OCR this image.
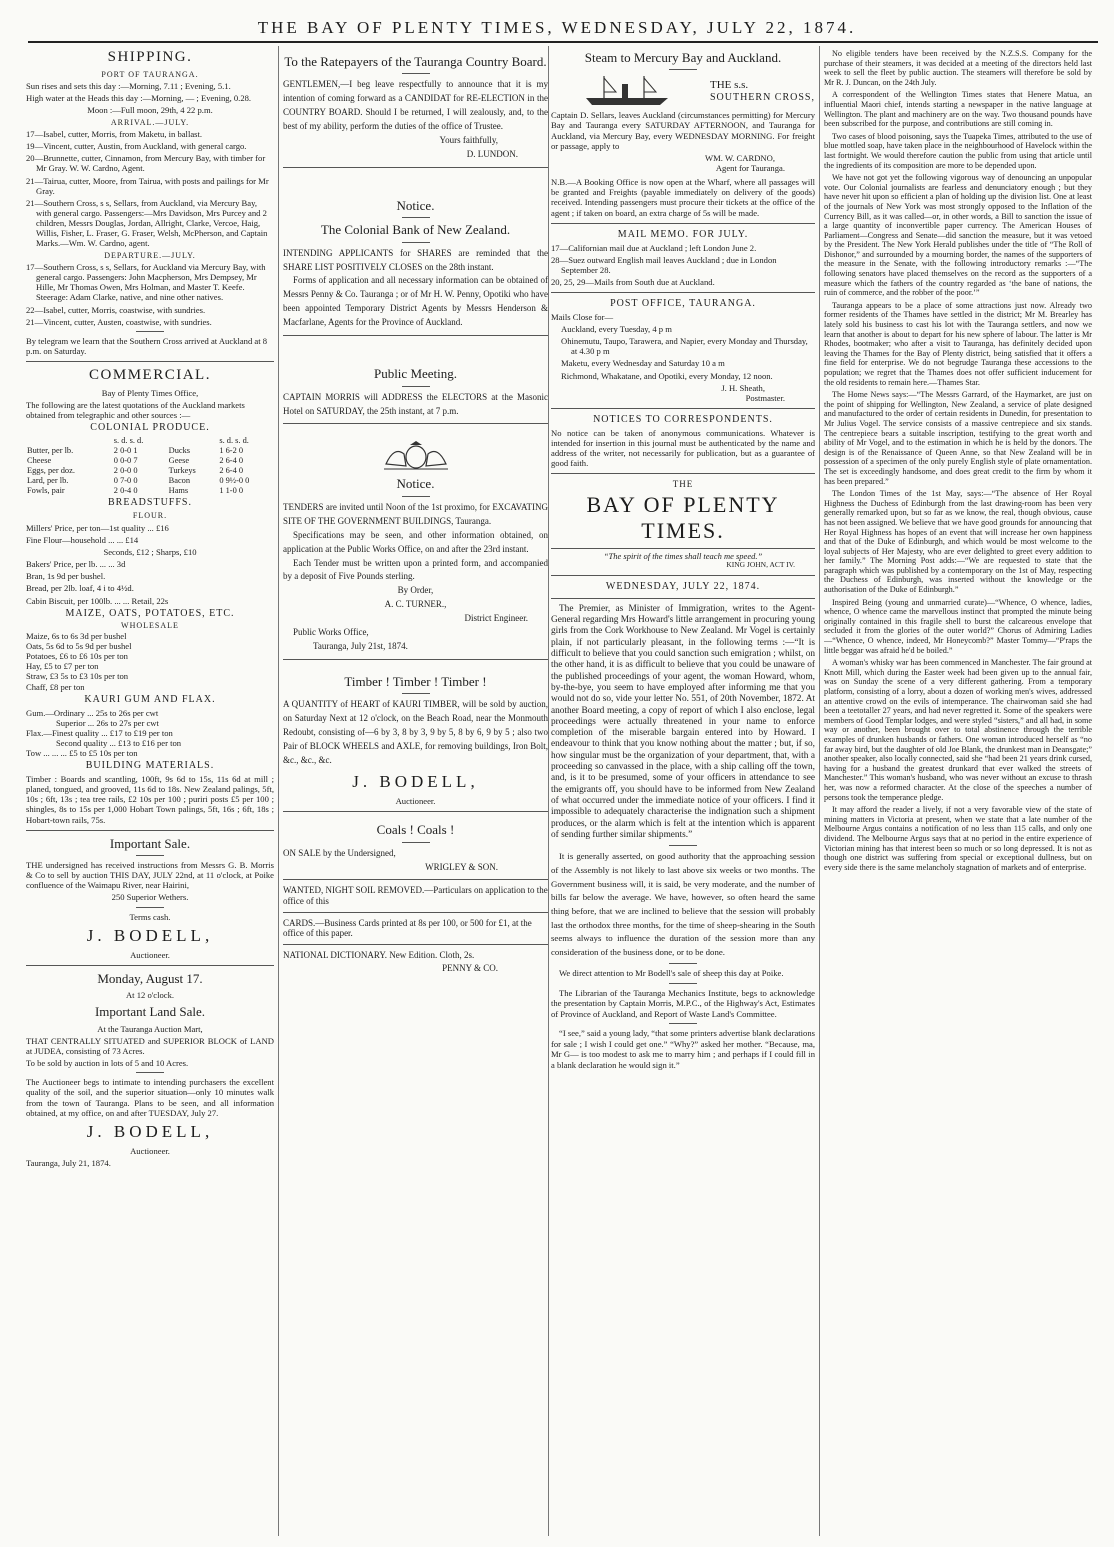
THE BAY OF PLENTY TIMES, WEDNESDAY, JULY 22, 1874.
SHIPPING.
PORT OF TAURANGA.
Sun rises and sets this day :—Morning, 7.11 ; Evening, 5.1.
High water at the Heads this day :—Morning, — ; Evening, 0.28.
Moon :—Full moon, 29th, 4 22 p.m.
ARRIVAL.—JULY.
17—Isabel, cutter, Morris, from Maketu, in ballast.
19—Vincent, cutter, Austin, from Auckland, with general cargo.
20—Brunnette, cutter, Cinnamon, from Mercury Bay, with timber for Mr Gray. W. W. Cardno, Agent.
21—Tairua, cutter, Moore, from Tairua, with posts and pailings for Mr Gray.
21—Southern Cross, s s, Sellars, from Auckland, via Mercury Bay, with general cargo. Passengers:—Mrs Davidson, Mrs Purcey and 2 children, Messrs Douglas, Jordan, Allright, Clarke, Vercoe, Haig, Willis, Fisher, L. Fraser, G. Fraser, Welsh, McPherson, and Captain Marks.—Wm. W. Cardno, agent.
DEPARTURE.—JULY.
17—Southern Cross, s s, Sellars, for Auckland via Mercury Bay, with general cargo. Passengers: John Macpherson, Mrs Dempsey, Mr Hille, Mr Thomas Owen, Mrs Holman, and Master T. Keefe. Steerage: Adam Clarke, native, and nine other natives.
22—Isabel, cutter, Morris, coastwise, with sundries.
21—Vincent, cutter, Austen, coastwise, with sundries.
By telegram we learn that the Southern Cross arrived at Auckland at 8 p.m. on Saturday.
COMMERCIAL.
Bay of Plenty Times Office,
The following are the latest quotations of the Auckland markets obtained from telegraphic and other sources :—
COLONIAL PRODUCE.
	s. d. s. d.		s. d. s. d.
Butter, per lb.	2 0-0 1	Ducks	1 6-2 0
Cheese	0 0-0 7	Geese	2 6-4 0
Eggs, per doz.	2 0-0 0	Turkeys	2 6-4 0
Lard, per lb.	0 7-0 0	Bacon	0 9½-0 0
Fowls, pair	2 0-4 0	Hams	1 1-0 0
BREADSTUFFS.
FLOUR.
Millers' Price, per ton—1st quality ... £16
Fine Flour—household ... ... £14
Seconds, £12 ; Sharps, £10
Bakers' Price, per lb. ... ... 3d
Bran, 1s 9d per bushel.
Bread, per 2lb. loaf, 4 i to 4½d.
Cabin Biscuit, per 100lb. ... ... Retail, 22s
MAIZE, OATS, POTATOES, ETC.
WHOLESALE
Maize, 6s to 6s 3d per bushel
Oats, 5s 6d to 5s 9d per bushel
Potatoes, £6 to £6 10s per ton
Hay, £5 to £7 per ton
Straw, £3 5s to £3 10s per ton
Chaff, £8 per ton
KAURI GUM AND FLAX.
Gum.—Ordinary ... 25s to 26s per cwt
Superior ... 26s to 27s per cwt
Flax.—Finest quality ... £17 to £19 per ton
Second quality ... £13 to £16 per ton
Tow ... ... ... £5 to £5 10s per ton
BUILDING MATERIALS.
Timber : Boards and scantling, 100ft, 9s 6d to 15s, 11s 6d at mill ; planed, tongued, and grooved, 11s 6d to 18s. New Zealand palings, 5ft, 10s ; 6ft, 13s ; tea tree rails, £2 10s per 100 ; puriri posts £5 per 100 ; shingles, 8s to 15s per 1,000 Hobart Town palings, 5ft, 16s ; 6ft, 18s ; Hobart-town rails, 75s.
Important Sale.
THE undersigned has received instructions from Messrs G. B. Morris & Co to sell by auction THIS DAY, JULY 22nd, at 11 o'clock, at Poike confluence of the Waimapu River, near Hairini,
250 Superior Wethers.
Terms cash.
J. BODELL,
Auctioneer.
Monday, August 17.
At 12 o'clock.
Important Land Sale.
At the Tauranga Auction Mart,
THAT CENTRALLY SITUATED and SUPERIOR BLOCK of LAND at JUDEA, consisting of 73 Acres.
To be sold by auction in lots of 5 and 10 Acres.
The Auctioneer begs to intimate to intending purchasers the excellent quality of the soil, and the superior situation—only 10 minutes walk from the town of Tauranga. Plans to be seen, and all information obtained, at my office, on and after TUESDAY, July 27.
J. BODELL,
Auctioneer.
Tauranga, July 21, 1874.
To the Ratepayers of the Tauranga Country Board.
GENTLEMEN,—I beg leave respectfully to announce that it is my intention of coming forward as a CANDIDAT for RE-ELECTION in the COUNTRY BOARD. Should I be returned, I will zealously, and, to the best of my ability, perform the duties of the office of Trustee.
Yours faithfully,
D. LUNDON.
Notice.
The Colonial Bank of New Zealand.
INTENDING APPLICANTS for SHARES are reminded that the SHARE LIST POSITIVELY CLOSES on the 28th instant.
Forms of application and all necessary information can be obtained of Messrs Penny & Co. Tauranga ; or of Mr H. W. Penny, Opotiki who have been appointed Temporary District Agents by Messrs Henderson & Macfarlane, Agents for the Province of Auckland.
Public Meeting.
CAPTAIN MORRIS will ADDRESS the ELECTORS at the Masonic Hotel on SATURDAY, the 25th instant, at 7 p.m.
Notice.
TENDERS are invited until Noon of the 1st proximo, for EXCAVATING SITE OF THE GOVERNMENT BUILDINGS, Tauranga.
Specifications may be seen, and other information obtained, on application at the Public Works Office, on and after the 23rd instant.
Each Tender must be written upon a printed form, and accompanied by a deposit of Five Pounds sterling.
By Order,
A. C. TURNER.,
District Engineer.
Public Works Office,
Tauranga, July 21st, 1874.
Timber ! Timber ! Timber !
A QUANTITY of HEART of KAURI TIMBER, will be sold by auction, on Saturday Next at 12 o'clock, on the Beach Road, near the Monmouth Redoubt, consisting of—6 by 3, 8 by 3, 9 by 5, 8 by 6, 9 by 5 ; also two Pair of BLOCK WHEELS and AXLE, for removing buildings, Iron Bolt, &c., &c., &c.
J. BODELL,
Auctioneer.
Coals ! Coals !
ON SALE by the Undersigned,
WRIGLEY & SON.
WANTED, NIGHT SOIL REMOVED.—Particulars on application to the office of this
CARDS.—Business Cards printed at 8s per 100, or 500 for £1, at the office of this paper.
NATIONAL DICTIONARY. New Edition. Cloth, 2s.
PENNY & CO.
Steam to Mercury Bay and Auckland.
THE s.s.
SOUTHERN CROSS,
Captain D. Sellars, leaves Auckland (circumstances permitting) for Mercury Bay and Tauranga every SATURDAY AFTERNOON, and Tauranga for Auckland, via Mercury Bay, every WEDNESDAY MORNING. For freight or passage, apply to
WM. W. CARDNO,
Agent for Tauranga.
N.B.—A Booking Office is now open at the Wharf, where all passages will be granted and Freights (payable immediately on delivery of the goods) received. Intending passengers must procure their tickets at the office of the agent ; if taken on board, an extra charge of 5s will be made.
MAIL MEMO. FOR JULY.
17—Californian mail due at Auckland ; left London June 2.
28—Suez outward English mail leaves Auckland ; due in London September 28.
20, 25, 29—Mails from South due at Auckland.
POST OFFICE, TAURANGA.
Mails Close for—
Auckland, every Tuesday, 4 p m
Ohinemutu, Taupo, Tarawera, and Napier, every Monday and Thursday, at 4.30 p m
Maketu, every Wednesday and Saturday 10 a m
Richmond, Whakatane, and Opotiki, every Monday, 12 noon.
J. H. Sheath,
Postmaster.
NOTICES TO CORRESPONDENTS.
No notice can be taken of anonymous communications. Whatever is intended for insertion in this journal must be authenticated by the name and address of the writer, not necessarily for publication, but as a guarantee of good faith.
THE
BAY OF PLENTY TIMES.
“The spirit of the times shall teach me speed.”
KING JOHN, ACT IV.
WEDNESDAY, JULY 22, 1874.
The Premier, as Minister of Immigration, writes to the Agent-General regarding Mrs Howard's little arrangement in procuring young girls from the Cork Workhouse to New Zealand. Mr Vogel is certainly plain, if not particularly pleasant, in the following terms :—“It is difficult to believe that you could sanction such emigration ; whilst, on the other hand, it is as difficult to believe that you could be unaware of the published proceedings of your agent, the woman Howard, whom, by-the-bye, you seem to have employed after informing me that you would not do so, vide your letter No. 551, of 20th November, 1872. At another Board meeting, a copy of report of which I also enclose, legal proceedings were actually threatened in your name to enforce completion of the miserable bargain entered into by Howard. I endeavour to think that you know nothing about the matter ; but, if so, how singular must be the organization of your department, that, with a proceeding so canvassed in the place, with a ship calling off the town, and, is it to be presumed, some of your officers in attendance to see the emigrants off, you should have to be informed from New Zealand of what occurred under the immediate notice of your officers. I find it impossible to adequately characterise the indignation such a shipment produces, or the alarm which is felt at the intention which is apparent of sending further similar shipments.”
It is generally asserted, on good authority that the approaching session of the Assembly is not likely to last above six weeks or two months. The Government business will, it is said, be very moderate, and the number of bills far below the average. We have, however, so often heard the same thing before, that we are inclined to believe that the session will probably last the orthodox three months, for the time of sheep-shearing in the South seems always to influence the duration of the session more than any consideration of the business done, or to be done.
We direct attention to Mr Bodell's sale of sheep this day at Poike.
The Librarian of the Tauranga Mechanics Institute, begs to acknowledge the presentation by Captain Morris, M.P.C., of the Highway's Act, Estimates of Province of Auckland, and Report of Waste Land's Committee.
“I see,” said a young lady, “that some printers advertise blank declarations for sale ; I wish I could get one.” “Why?” asked her mother. “Because, ma, Mr G— is too modest to ask me to marry him ; and perhaps if I could fill in a blank declaration he would sign it.”

No eligible tenders have been received by the N.Z.S.S. Company for the purchase of their steamers, it was decided at a meeting of the directors held last week to sell the fleet by public auction. The steamers will therefore be sold by Mr R. J. Duncan, on the 24th July.

A correspondent of the Wellington Times states that Henere Matua, an influential Maori chief, intends starting a newspaper in the native language at Wellington. The plant and machinery are on the way. Two thousand pounds have been subscribed for the purpose, and contributions are still coming in.

Two cases of blood poisoning, says the Tuapeka Times, attributed to the use of blue mottled soap, have taken place in the neighbourhood of Havelock within the last fortnight. We would therefore caution the public from using that article until the ingredients of its composition are more to be depended upon.

We have not got yet the following vigorous way of denouncing an unpopular vote. Our Colonial journalists are fearless and denunciatory enough ; but they have never hit upon so efficient a plan of holding up the division list. One at least of the journals of New York was most strongly opposed to the Inflation of the Currency Bill, as it was called—or, in other words, a Bill to sanction the issue of a large quantity of inconvertible paper currency. The American Houses of Parliament—Congress and Senate—did sanction the measure, but it was vetoed by the President. The New York Herald publishes under the title of “The Roll of Dishonor,” and surrounded by a mourning border, the names of the supporters of the measure in the Senate, with the following introductory remarks :—“The following senators have placed themselves on the record as the supporters of a measure which the fathers of the country regarded as ‘the bane of nations, the ruin of commerce, and the robber of the poor.’”

Tauranga appears to be a place of some attractions just now. Already two former residents of the Thames have settled in the district; Mr M. Brearley has lately sold his business to cast his lot with the Tauranga settlers, and now we learn that another is about to depart for his new sphere of labour. The latter is Mr Rhodes, bootmaker; who after a visit to Tauranga, has definitely decided upon leaving the Thames for the Bay of Plenty district, being satisfied that it offers a fine field for enterprise. We do not begrudge Tauranga these accessions to the population; we regret that the Thames does not offer sufficient inducement for the old residents to remain here.—Thames Star.

The Home News says:—“The Messrs Garrard, of the Haymarket, are just on the point of shipping for Wellington, New Zealand, a service of plate designed and manufactured to the order of certain residents in Dunedin, for presentation to Mr Julius Vogel. The service consists of a massive centrepiece and six stands. The centrepiece bears a suitable inscription, testifying to the great worth and ability of Mr Vogel, and to the estimation in which he is held by the donors. The design is of the Renaissance of Queen Anne, so that New Zealand will be in possession of a specimen of the only purely English style of plate ornamentation. The set is exceedingly handsome, and does great credit to the firm by whom it has been prepared.”

The London Times of the 1st May, says:—“The absence of Her Royal Highness the Duchess of Edinburgh from the last drawing-room has been very generally remarked upon, but so far as we know, the real, though obvious, cause has not been assigned. We believe that we have good grounds for announcing that Her Royal Highness has hopes of an event that will increase her own happiness and that of the Duke of Edinburgh, and which would be most welcome to the loyal subjects of Her Majesty, who are ever delighted to greet every addition to her family.” The Morning Post adds:—“We are requested to state that the paragraph which was published by a contemporary on the 1st of May, respecting the Duchess of Edinburgh, was inserted without the knowledge or the authorisation of the Duke of Edinburgh.”

Inspired Being (young and unmarried curate)—“Whence, O whence, ladies, whence, O whence came the marvellous instinct that prompted the minute being originally contained in this fragile shell to burst the calcareous envelope that secluded it from the glories of the outer world?” Chorus of Admiring Ladies—“Whence, O whence, indeed, Mr Honeycomb?” Master Tommy—“P'raps the little beggar was afraid he'd be boiled.”

A woman's whisky war has been commenced in Manchester. The fair ground at Knott Mill, which during the Easter week had been given up to the annual fair, was on Sunday the scene of a very different gathering. From a temporary platform, consisting of a lorry, about a dozen of working men's wives, addressed an attentive crowd on the evils of intemperance. The chairwoman said she had been a teetotaller 27 years, and had never regretted it. Some of the speakers were members of Good Templar lodges, and were styled “sisters,” and all had, in some way or another, been brought over to total abstinence through the terrible examples of drunken husbands or fathers. One woman introduced herself as “no far away bird, but the daughter of old Joe Blank, the drunkest man in Deansgate;” another speaker, also locally connected, said she “had been 21 years drink cursed, having for a husband the greatest drunkard that ever walked the streets of Manchester.” This woman's husband, who was never without an excuse to thrash her, was now a reformed character. At the close of the speeches a number of persons took the temperance pledge.

It may afford the reader a lively, if not a very favorable view of the state of mining matters in Victoria at present, when we state that a late number of the Melbourne Argus contains a notification of no less than 115 calls, and only one dividend. The Melbourne Argus says that at no period in the entire experience of Victorian mining has that interest been so much or so long depressed. It is not as though one district was suffering from special or exceptional dullness, but on every side there is the same melancholy stagnation of markets and of enterprise.
